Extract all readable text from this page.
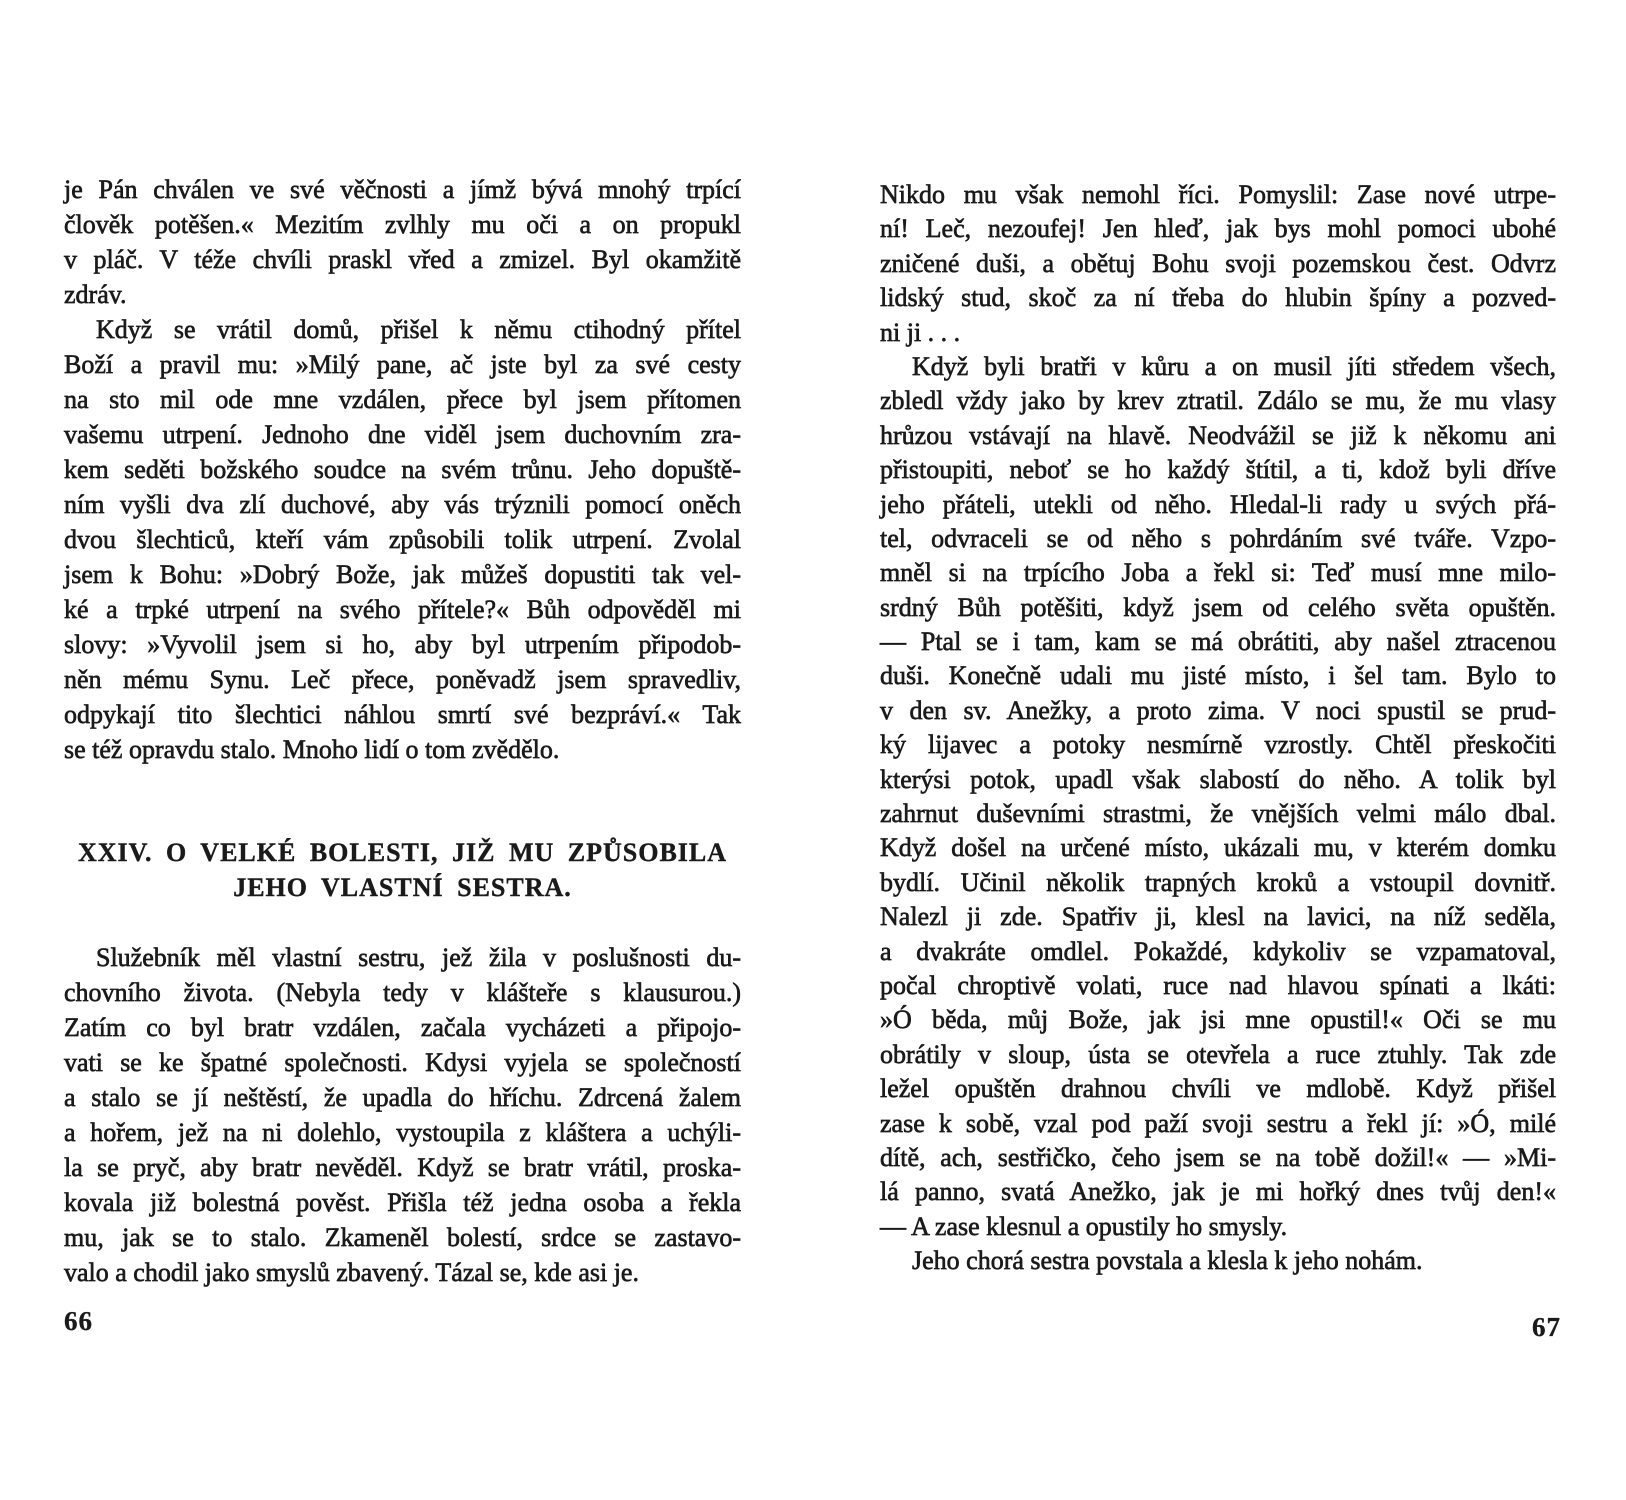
je Pán chválen ve své věčnosti a jímž bývá mnohý trpící
člověk potěšen.« Mezitím zvlhly mu oči a on propukl
v pláč. V téže chvíli praskl vřed a zmizel. Byl okamžitě
zdráv.
Když se vrátil domů, přišel k němu ctihodný přítel
Boží a pravil mu: »Milý pane, ač jste byl za své cesty
na sto mil ode mne vzdálen, přece byl jsem přítomen
vašemu utrpení. Jednoho dne viděl jsem duchovním zra-
kem seděti božského soudce na svém trůnu. Jeho dopuště-
ním vyšli dva zlí duchové, aby vás trýznili pomocí oněch
dvou šlechticů, kteří vám způsobili tolik utrpení. Zvolal
jsem k Bohu: »Dobrý Bože, jak můžeš dopustiti tak vel-
ké a trpké utrpení na svého přítele?« Bůh odpověděl mi
slovy: »Vyvolil jsem si ho, aby byl utrpením připodob-
něn mému Synu. Leč přece, poněvadž jsem spravedliv,
odpykají tito šlechtici náhlou smrtí své bezpráví.« Tak
se též opravdu stalo. Mnoho lidí o tom zvědělo.
XXIV. O VELKÉ BOLESTI, JIŽ MU ZPŮSOBILA
JEHO VLASTNÍ SESTRA.
Služebník měl vlastní sestru, jež žila v poslušnosti du-
chovního života. (Nebyla tedy v klášteře s klausurou.)
Zatím co byl bratr vzdálen, začala vycházeti a připojo-
vati se ke špatné společnosti. Kdysi vyjela se společností
a stalo se jí neštěstí, že upadla do hříchu. Zdrcená žalem
a hořem, jež na ni dolehlo, vystoupila z kláštera a uchýli-
la se pryč, aby bratr nevěděl. Když se bratr vrátil, proska-
kovala již bolestná pověst. Přišla též jedna osoba a řekla
mu, jak se to stalo. Zkameněl bolestí, srdce se zastavo-
valo a chodil jako smyslů zbavený. Tázal se, kde asi je.
66
Nikdo mu však nemohl říci. Pomyslil: Zase nové utrpe-
ní! Leč, nezoufej! Jen hleď, jak bys mohl pomoci ubohé
zničené duši, a obětuj Bohu svoji pozemskou čest. Odvrz
lidský stud, skoč za ní třeba do hlubin špíny a pozved-
ni ji . . .
Když byli bratři v kůru a on musil jíti středem všech,
zbledl vždy jako by krev ztratil. Zdálo se mu, že mu vlasy
hrůzou vstávají na hlavě. Neodvážil se již k někomu ani
přistoupiti, neboť se ho každý štítil, a ti, kdož byli dříve
jeho přáteli, utekli od něho. Hledal-li rady u svých přá-
tel, odvraceli se od něho s pohrdáním své tváře. Vzpo-
mněl si na trpícího Joba a řekl si: Teď musí mne milo-
srdný Bůh potěšiti, když jsem od celého světa opuštěn.
— Ptal se i tam, kam se má obrátiti, aby našel ztracenou
duši. Konečně udali mu jisté místo, i šel tam. Bylo to
v den sv. Anežky, a proto zima. V noci spustil se prud-
ký lijavec a potoky nesmírně vzrostly. Chtěl přeskočiti
kterýsi potok, upadl však slabostí do něho. A tolik byl
zahrnut duševními strastmi, že vnějších velmi málo dbal.
Když došel na určené místo, ukázali mu, v kterém domku
bydlí. Učinil několik trapných kroků a vstoupil dovnitř.
Nalezl ji zde. Spatřiv ji, klesl na lavici, na níž seděla,
a dvakráte omdlel. Pokaždé, kdykoliv se vzpamatoval,
počal chroptivě volati, ruce nad hlavou spínati a lkáti:
»Ó běda, můj Bože, jak jsi mne opustil!« Oči se mu
obrátily v sloup, ústa se otevřela a ruce ztuhly. Tak zde
ležel opuštěn drahnou chvíli ve mdlobě. Když přišel
zase k sobě, vzal pod paží svoji sestru a řekl jí: »Ó, milé
dítě, ach, sestřičko, čeho jsem se na tobě dožil!« — »Mi-
lá panno, svatá Anežko, jak je mi hořký dnes tvůj den!«
— A zase klesnul a opustily ho smysly.
Jeho chorá sestra povstala a klesla k jeho nohám.
67
